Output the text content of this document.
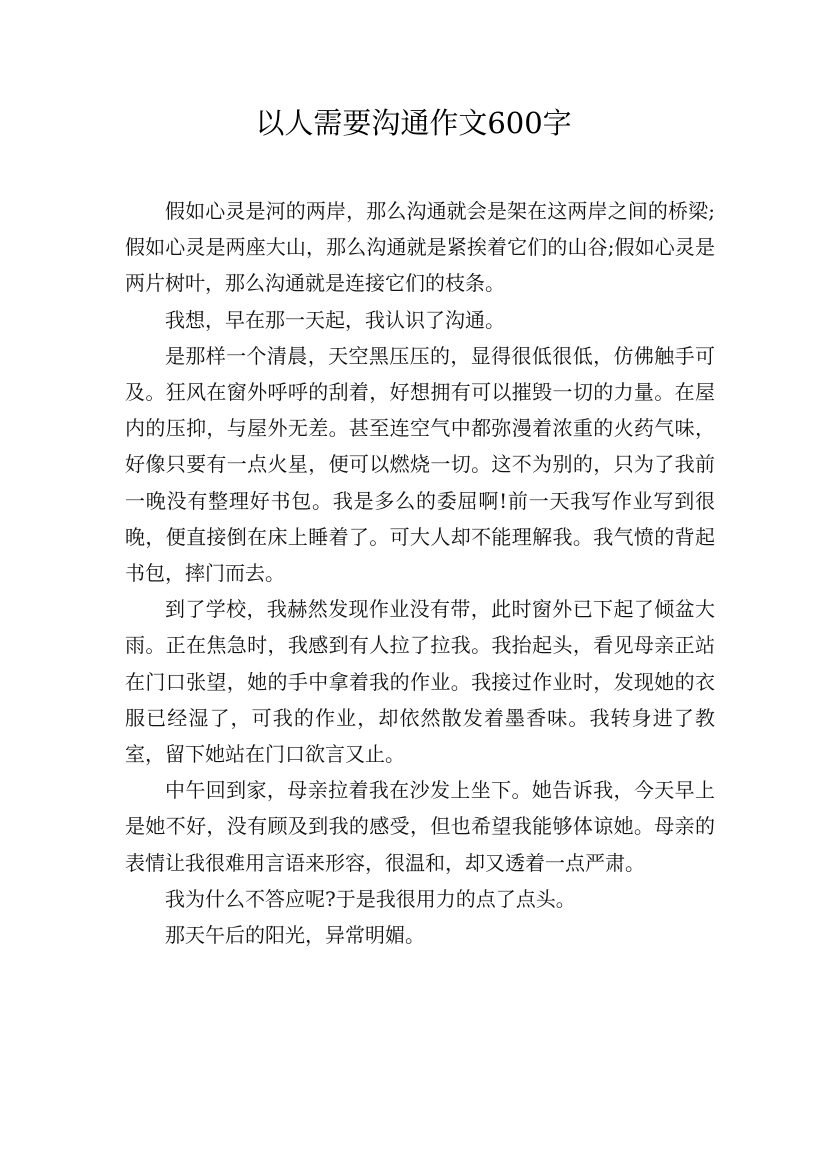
以人需要沟通作文600字

假如心灵是河的两岸，那么沟通就会是架在这两岸之间的桥梁;假如心灵是两座大山，那么沟通就是紧挨着它们的山谷;假如心灵是两片树叶，那么沟通就是连接它们的枝条。

我想，早在那一天起，我认识了沟通。

是那样一个清晨，天空黑压压的，显得很低很低，仿佛触手可及。狂风在窗外呼呼的刮着，好想拥有可以摧毁一切的力量。在屋内的压抑，与屋外无差。甚至连空气中都弥漫着浓重的火药气味，好像只要有一点火星，便可以燃烧一切。这不为别的，只为了我前一晚没有整理好书包。我是多么的委屈啊!前一天我写作业写到很晚，便直接倒在床上睡着了。可大人却不能理解我。我气愤的背起书包，摔门而去。

到了学校，我赫然发现作业没有带，此时窗外已下起了倾盆大雨。正在焦急时，我感到有人拉了拉我。我抬起头，看见母亲正站在门口张望，她的手中拿着我的作业。我接过作业时，发现她的衣服已经湿了，可我的作业，却依然散发着墨香味。我转身进了教室，留下她站在门口欲言又止。

中午回到家，母亲拉着我在沙发上坐下。她告诉我，今天早上是她不好，没有顾及到我的感受，但也希望我能够体谅她。母亲的表情让我很难用言语来形容，很温和，却又透着一点严肃。

我为什么不答应呢?于是我很用力的点了点头。

那天午后的阳光，异常明媚。
